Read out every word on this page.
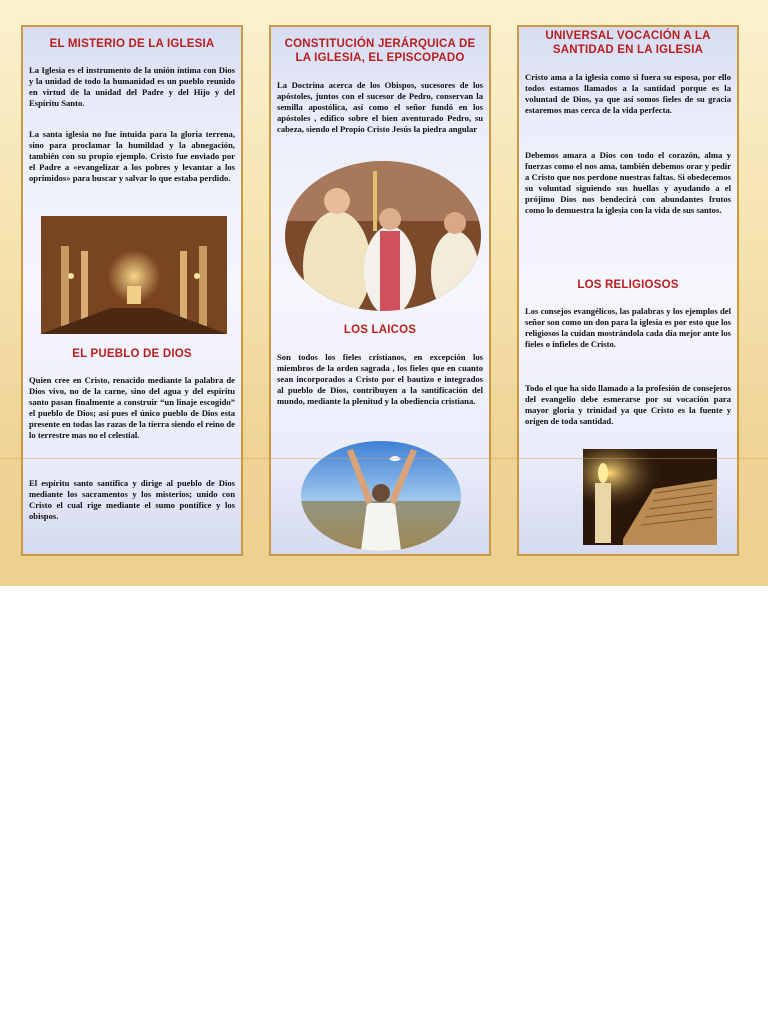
EL MISTERIO DE LA IGLESIA
La Iglesia es el instrumento de la unión íntima con Dios y la unidad de todo la humanidad es un pueblo reunido en virtud de la unidad del Padre y del Hijo y del Espíritu Santo.
La santa iglesia no fue intuida para la gloria terrena, sino para proclamar la humildad y la abnegación, también con su propio ejemplo. Cristo fue enviado por el Padre a «evangelizar a los pobres y levantar a los oprimidos» para buscar y salvar lo que estaba perdido.
EL PUEBLO DE DIOS
Quien cree en Cristo, renacido mediante la palabra de Dios vivo, no de la carne, sino del agua y del espíritu santo pasan finalmente a construir “un linaje escogido” el pueblo de Dios; así pues el único pueblo de Dios esta presente en todas las razas de la tierra siendo el reino de lo terrestre mas no el celestial.
El espíritu santo santifica y dirige al pueblo de Dios mediante los sacramentos y los misterios; unido con Cristo el cual rige mediante el sumo pontífice y los obispos.
CONSTITUCIÓN JERÁRQUICA DE LA IGLESIA, EL EPISCOPADO
La Doctrina acerca de los Obispos, sucesores de los apóstoles, juntos con el sucesor de Pedro, conservan la semilla apostólica, así como el señor fundó en los apóstoles , edifico sobre el bien aventurado Pedro, su cabeza, siendo el Propio Cristo Jesús la piedra angular
LOS LAICOS
Son todos los fieles cristianos, en excepción los miembros de la orden sagrada , los fieles que en cuanto sean incorporados a Cristo por el bautizo e integrados al pueblo de Dios, contribuyen a la santificación del mundo, mediante la plenitud y la obediencia cristiana.
UNIVERSAL VOCACIÓN A LA SANTIDAD EN LA IGLESIA
Cristo ama a la iglesia como si fuera su esposa, por ello todos estamos llamados a la santidad porque es la voluntad de Dios, ya que así somos fieles de su gracia estaremos mas cerca de la vida perfecta.
Debemos amara a Dios con todo el corazón, alma y fuerzas como el nos ama, también debemos orar y pedir a Cristo que nos perdone nuestras faltas. Si obedecemos su voluntad siguiendo sus huellas y ayudando a el prójimo Dios nos bendecirá con abundantes frutos como lo demuestra la iglesia con la vida de sus santos.
LOS RELIGIOSOS
Los consejos evangélicos, las palabras y los ejemplos del señor son como un don para la iglesia es por esto que los religiosos la cuidan mostrándola cada día mejor ante los fieles o infieles de Cristo.
Todo el que ha sido llamado a la profesión de consejeros del evangelio debe esmerarse por su vocación para mayor gloria y trinidad ya que Cristo es la fuente y origen de toda santidad.
